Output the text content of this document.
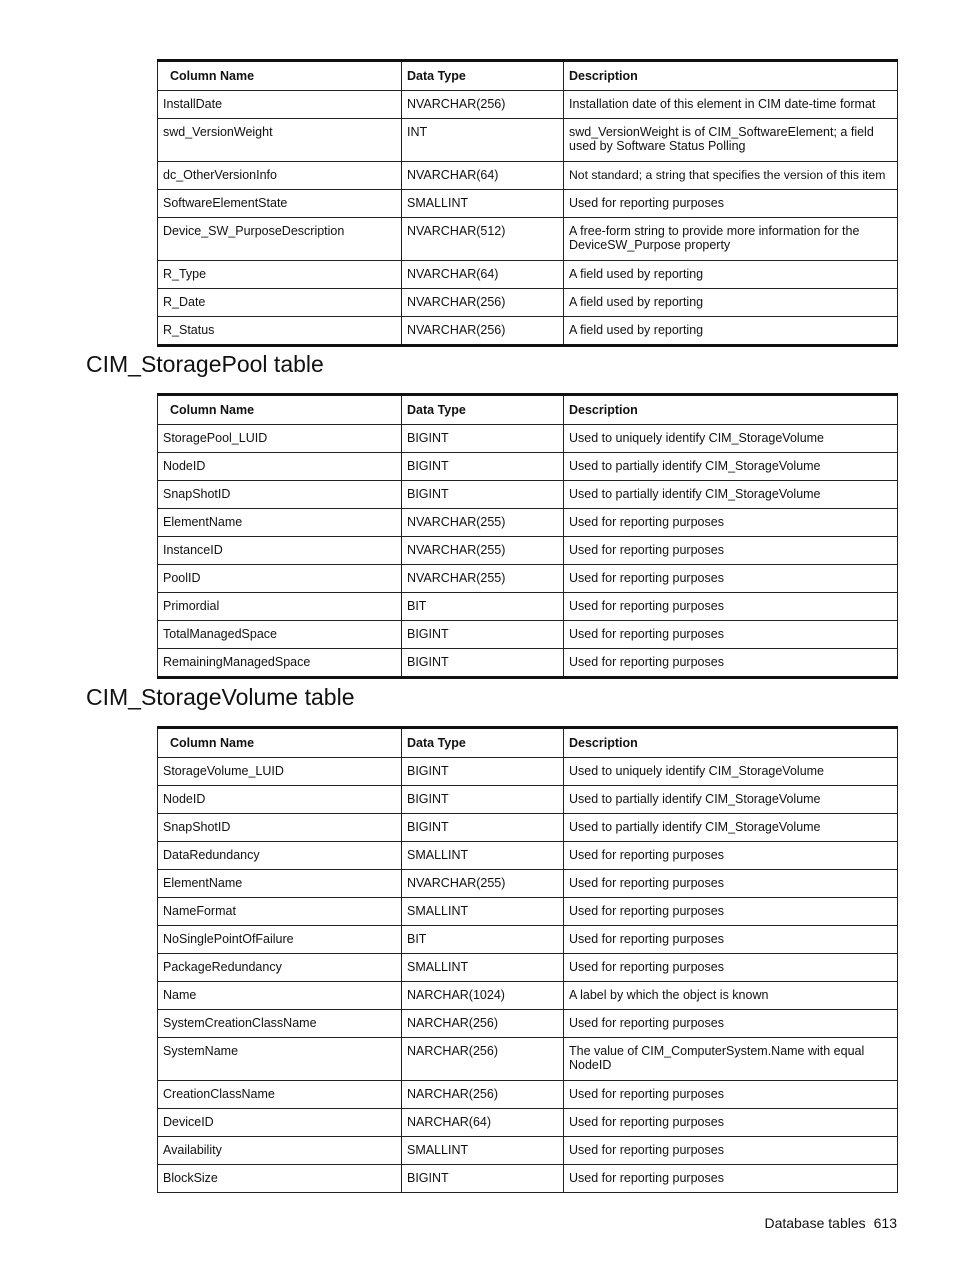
Column Name	Data Type	Description
InstallDate	NVARCHAR(256)	Installation date of this element in CIM date-time format
swd_VersionWeight	INT	swd_VersionWeight is of CIM_SoftwareElement; a field used by Software Status Polling
dc_OtherVersionInfo	NVARCHAR(64)	Not standard; a string that specifies the version of this item
SoftwareElementState	SMALLINT	Used for reporting purposes
Device_SW_PurposeDescription	NVARCHAR(512)	A free-form string to provide more information for the DeviceSW_Purpose property
R_Type	NVARCHAR(64)	A field used by reporting
R_Date	NVARCHAR(256)	A field used by reporting
R_Status	NVARCHAR(256)	A field used by reporting
CIM_StoragePool table
Column Name	Data Type	Description
StoragePool_LUID	BIGINT	Used to uniquely identify CIM_StorageVolume
NodeID	BIGINT	Used to partially identify CIM_StorageVolume
SnapShotID	BIGINT	Used to partially identify CIM_StorageVolume
ElementName	NVARCHAR(255)	Used for reporting purposes
InstanceID	NVARCHAR(255)	Used for reporting purposes
PoolID	NVARCHAR(255)	Used for reporting purposes
Primordial	BIT	Used for reporting purposes
TotalManagedSpace	BIGINT	Used for reporting purposes
RemainingManagedSpace	BIGINT	Used for reporting purposes
CIM_StorageVolume table
Column Name	Data Type	Description
StorageVolume_LUID	BIGINT	Used to uniquely identify CIM_StorageVolume
NodeID	BIGINT	Used to partially identify CIM_StorageVolume
SnapShotID	BIGINT	Used to partially identify CIM_StorageVolume
DataRedundancy	SMALLINT	Used for reporting purposes
ElementName	NVARCHAR(255)	Used for reporting purposes
NameFormat	SMALLINT	Used for reporting purposes
NoSinglePointOfFailure	BIT	Used for reporting purposes
PackageRedundancy	SMALLINT	Used for reporting purposes
Name	NARCHAR(1024)	A label by which the object is known
SystemCreationClassName	NARCHAR(256)	Used for reporting purposes
SystemName	NARCHAR(256)	The value of CIM_ComputerSystem.Name with equal NodeID
CreationClassName	NARCHAR(256)	Used for reporting purposes
DeviceID	NARCHAR(64)	Used for reporting purposes
Availability	SMALLINT	Used for reporting purposes
BlockSize	BIGINT	Used for reporting purposes
Database tables 613
